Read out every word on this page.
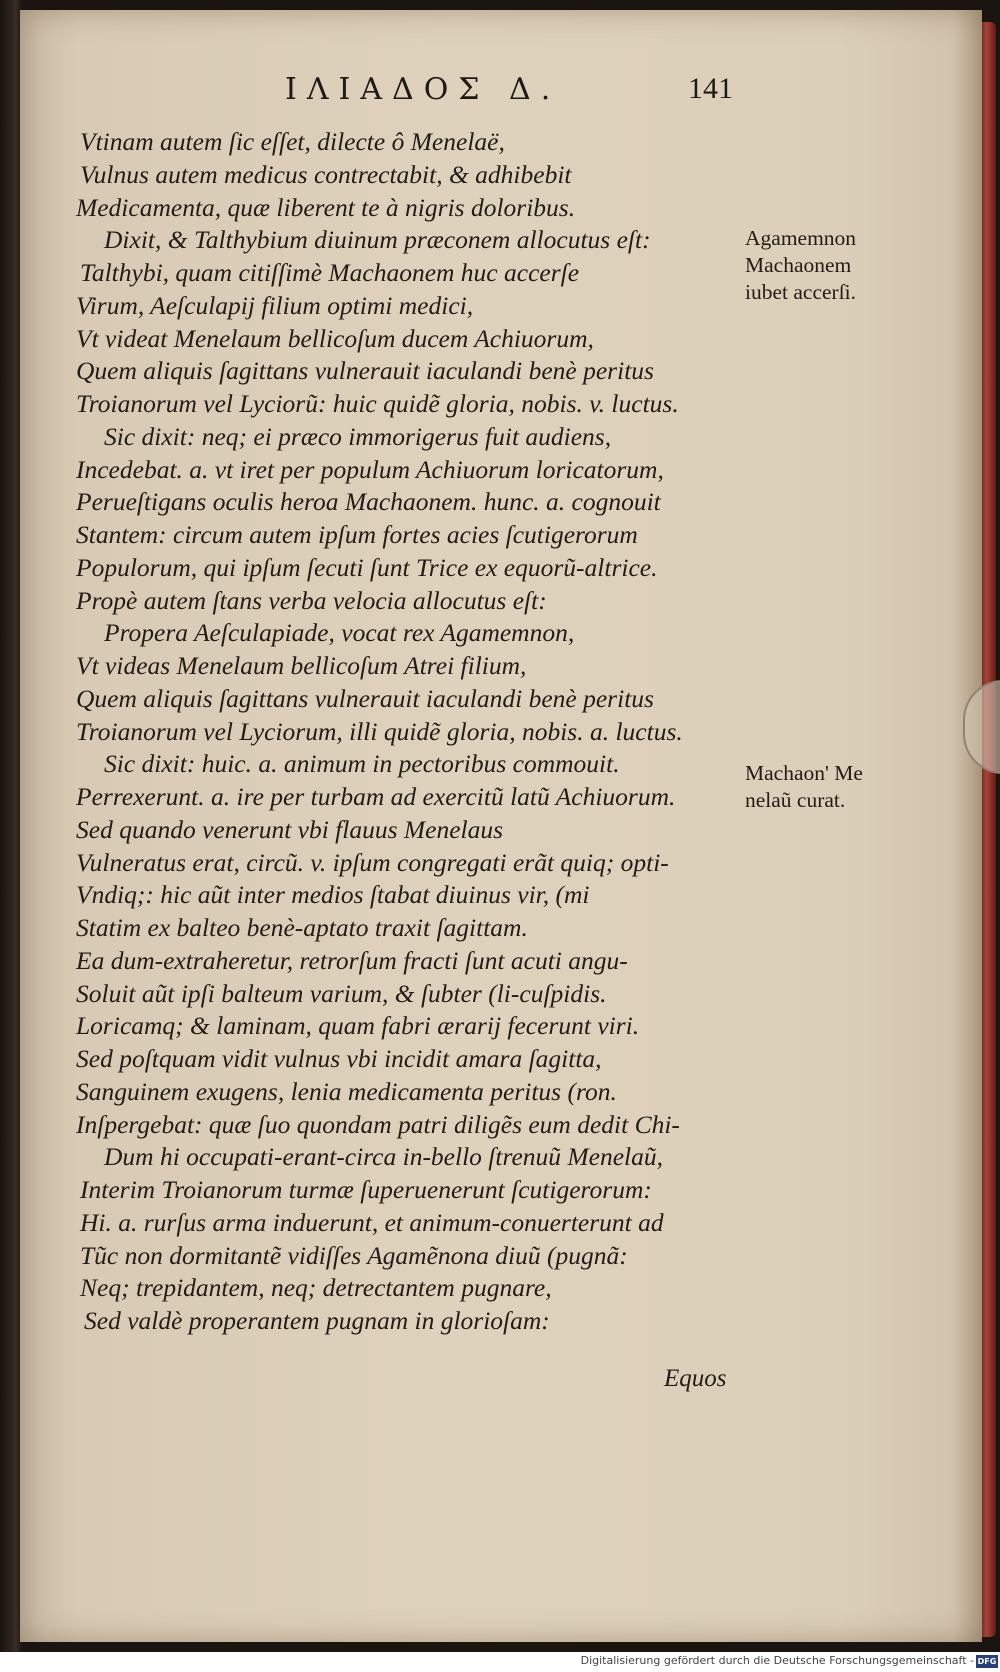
ΙΛΙΑΔΟΣ Δ.	141
Vtinam autem ſic eſſet, dilecte ô Menelaë,
Vulnus autem medicus contrectabit, & adhibebit
Medicamenta, quæ liberent te à nigris doloribus.
Dixit, & Talthybium diuinum præconem allocutus eſt:
Talthybi, quam citiſſimè Machaonem huc accerſe
Virum, Aeſculapij filium optimi medici,
Vt videat Menelaum bellicoſum ducem Achiuorum,
Quem aliquis ſagittans vulnerauit iaculandi benè peritus
Troianorum vel Lyciorũ: huic quidẽ gloria, nobis. v. luctus.
Sic dixit: neq; ei præco immorigerus fuit audiens,
Incedebat. a. vt iret per populum Achiuorum loricatorum,
Perueſtigans oculis heroa Machaonem. hunc. a. cognouit
Stantem: circum autem ipſum fortes acies ſcutigerorum
Populorum, qui ipſum ſecuti ſunt Trice ex equorũ-altrice.
Propè autem ſtans verba velocia allocutus eſt:
Propera Aeſculapiade, vocat rex Agamemnon,
Vt videas Menelaum bellicoſum Atrei filium,
Quem aliquis ſagittans vulnerauit iaculandi benè peritus
Troianorum vel Lyciorum, illi quidẽ gloria, nobis. a. luctus.
Sic dixit: huic. a. animum in pectoribus commouit.
Perrexerunt. a. ire per turbam ad exercitũ latũ Achiuorum.
Sed quando venerunt vbi flauus Menelaus
Vulneratus erat, circũ. v. ipſum congregati erãt quiq; opti-
Vndiq;: hic aũt inter medios ſtabat diuinus vir, (mi
Statim ex balteo benè-aptato traxit ſagittam.
Ea dum-extraheretur, retrorſum fracti ſunt acuti angu-
Soluit aũt ipſi balteum varium, & ſubter (li-cuſpidis.
Loricamq; & laminam, quam fabri ærarij fecerunt viri.
Sed poſtquam vidit vulnus vbi incidit amara ſagitta,
Sanguinem exugens, lenia medicamenta peritus (ron.
Inſpergebat: quæ ſuo quondam patri diligẽs eum dedit Chi-
Dum hi occupati-erant-circa in-bello ſtrenuũ Menelaũ,
Interim Troianorum turmæ ſuperuenerunt ſcutigerorum:
Hi. a. rurſus arma induerunt, et animum-conuerterunt ad
Tũc non dormitantẽ vidiſſes Agamẽnona diuũ (pugnã:
Neq; trepidantem, neq; detrectantem pugnare,
Sed valdè properantem pugnam in glorioſam:
Agamemnon
Machaonem
iubet accerſi.
Machaon' Me
nelaũ curat.
Equos
Digitalisierung gefördert durch die Deutsche Forschungsgemeinschaft - DFG
